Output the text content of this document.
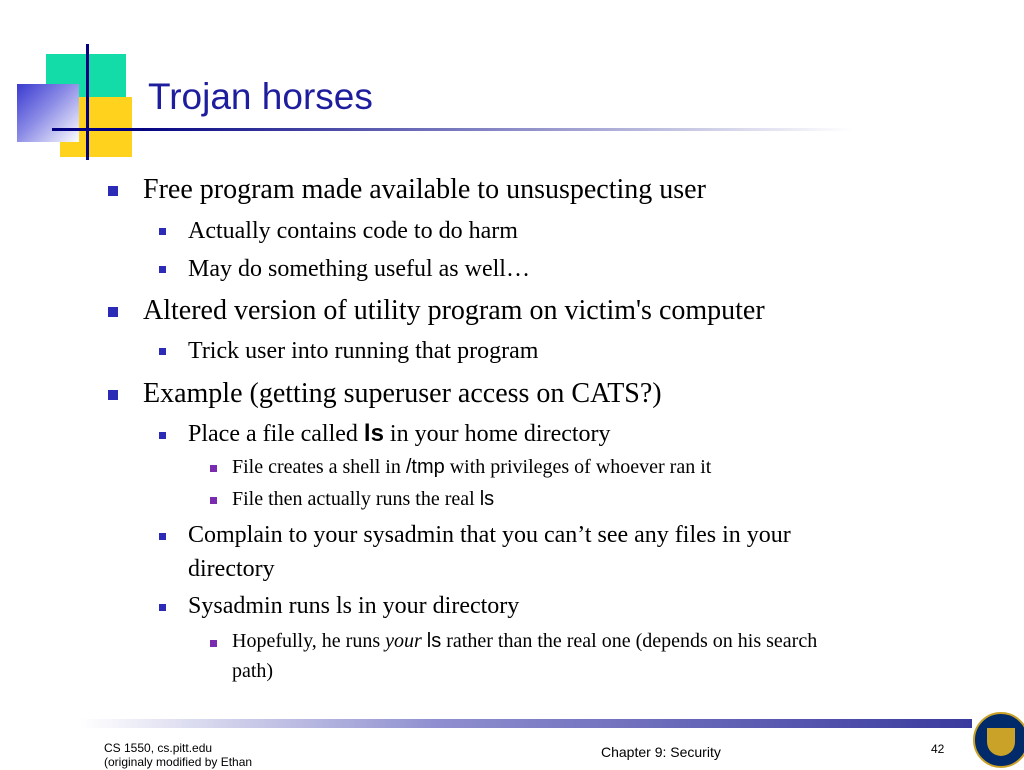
Trojan horses
Free program made available to unsuspecting user
Actually contains code to do harm
May do something useful as well…
Altered version of utility program on victim's computer
Trick user into running that program
Example (getting superuser access on CATS?)
Place a file called ls in your home directory
File creates a shell in /tmp with privileges of whoever ran it
File then actually runs the real ls
Complain to your sysadmin that you can’t see any files in your
directory
Sysadmin runs ls in your directory
Hopefully, he runs your ls rather than the real one (depends on his search
path)
CS 1550, cs.pitt.edu
(originaly modified by Ethan
Chapter 9: Security	42
